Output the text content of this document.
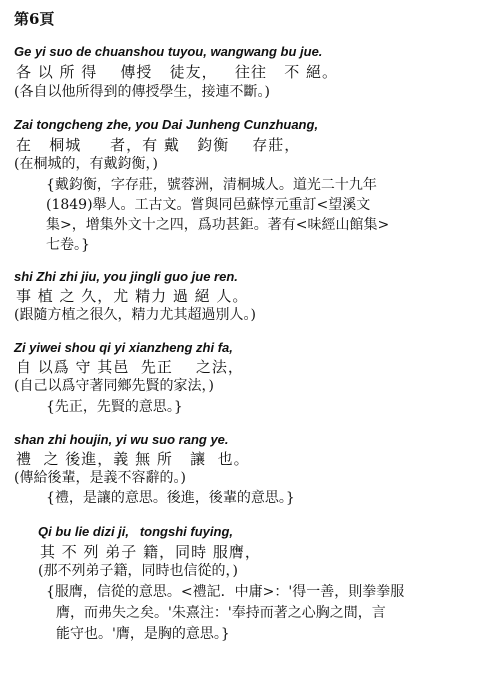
第6頁
Ge yi suo de chuanshou tuyou, wangwang bu jue.
各 以 所 得    傳授   徒友，   往往   不 絕。
(各自以他所得到的傳授學生，接連不斷。)
Zai tongcheng zhe, you Dai Junheng Cunzhuang,
在   桐城     者，有 戴   鈞衡    存莊，
(在桐城的，有戴鈞衡，)
{戴鈞衡，字存莊，號蓉洲，清桐城人。道光二十九年
(1849)舉人。工古文。嘗與同邑蘇惇元重訂<望溪文
集>，增集外文十之四，爲功甚鉅。著有<味經山館集>
七卷。}
shi Zhi zhi jiu, you jingli guo jue ren.
事 植 之 久，尤 精力 過 絕 人。
(跟隨方植之很久，精力尤其超過別人。)
Zi yiwei shou qi yi xianzheng zhi fa,
自 以爲 守 其邑  先正    之法，
(自己以爲守著同鄉先賢的家法，)
{先正，先賢的意思。}
shan zhi houjin, yi wu suo rang ye.
禮  之 後進，義 無 所   讓  也。
(傳給後輩，是義不容辭的。)
{禮，是讓的意思。後進，後輩的意思。}
Qi bu lie dizi ji,   tongshi fuying,
其 不 列 弟子 籍，同時 服膺，
(那不列弟子籍，同時也信從的，)
{服膺，信從的意思。<禮記．中庸>：'得一善，則拳拳服
膺，而弗失之矣。'朱熹注：'奉持而著之心胸之間，言
能守也。'膺，是胸的意思。}
